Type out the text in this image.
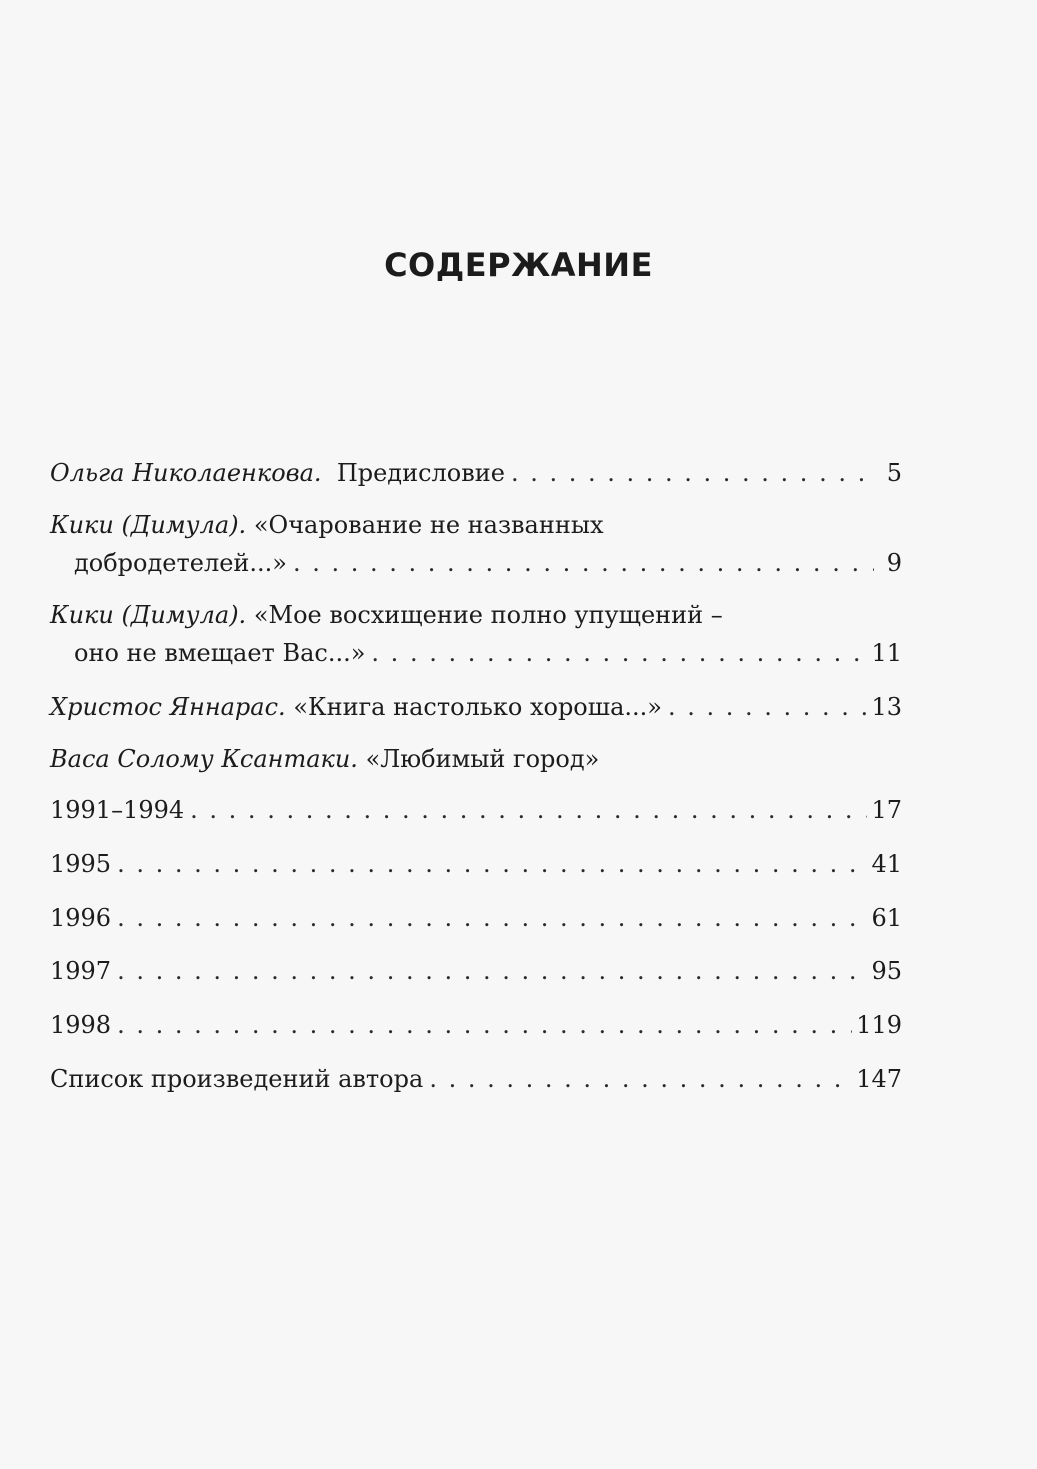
СОДЕРЖАНИЕ
Ольга Николаенкова.
Предисловие . . .	5
Кики (Димула).
«Очарование не названных
добродетелей...» . . .	9
Кики (Димула).
«Мое восхищение полно упущений –
оно не вмещает Вас...» . . .	11
Христос Яннарас.
«Книга настолько хороша...» . . .	13
Васа Солому Ксантаки.
«Любимый город»
1991–1994 . . .	17
1995 . . .	41
1996 . . .	61
1997 . . .	95
1998 . . .	119
Список произведений автора . . .	147
